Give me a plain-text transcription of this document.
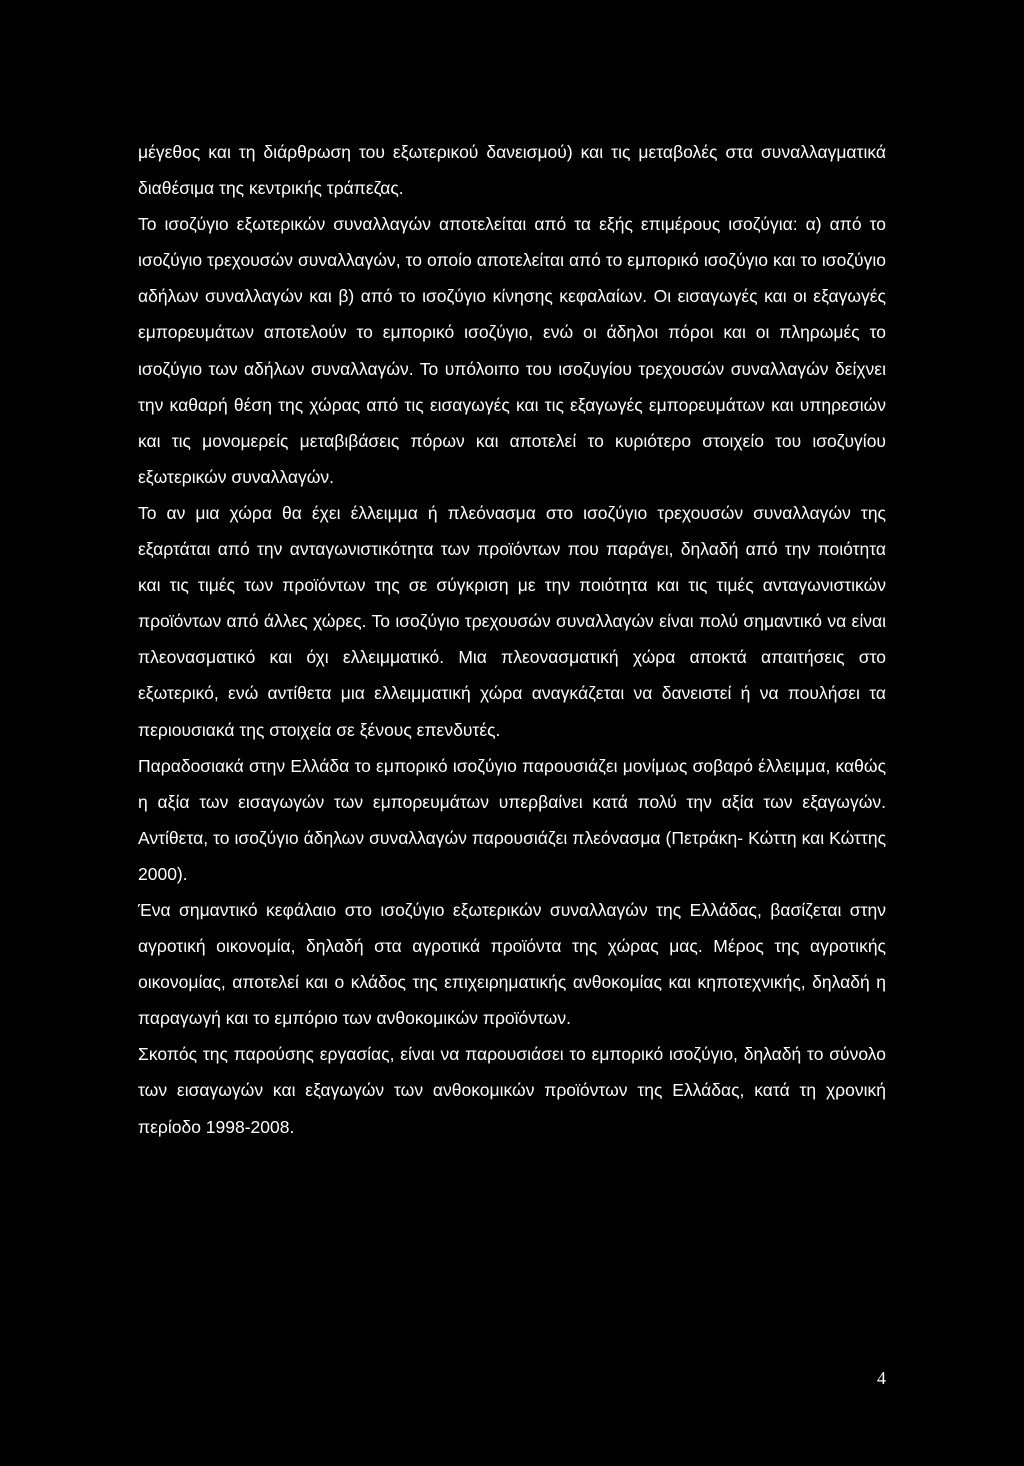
μέγεθος και τη διάρθρωση του εξωτερικού δανεισμού) και τις μεταβολές στα συναλλαγματικά διαθέσιμα της κεντρικής τράπεζας.

Το ισοζύγιο εξωτερικών συναλλαγών αποτελείται από τα εξής επιμέρους ισοζύγια: α) από το ισοζύγιο τρεχουσών συναλλαγών, το οποίο αποτελείται από το εμπορικό ισοζύγιο και το ισοζύγιο αδήλων συναλλαγών και β) από το ισοζύγιο κίνησης κεφαλαίων. Οι εισαγωγές και οι εξαγωγές εμπορευμάτων αποτελούν το εμπορικό ισοζύγιο, ενώ οι άδηλοι πόροι και οι πληρωμές το ισοζύγιο των αδήλων συναλλαγών. Το υπόλοιπο του ισοζυγίου τρεχουσών συναλλαγών δείχνει την καθαρή θέση της χώρας από τις εισαγωγές και τις εξαγωγές εμπορευμάτων και υπηρεσιών και τις μονομερείς μεταβιβάσεις πόρων και αποτελεί το κυριότερο στοιχείο του ισοζυγίου εξωτερικών συναλλαγών.

Το αν μια χώρα θα έχει έλλειμμα ή πλεόνασμα στο ισοζύγιο τρεχουσών συναλλαγών της εξαρτάται από την ανταγωνιστικότητα των προϊόντων που παράγει, δηλαδή από την ποιότητα και τις τιμές των προϊόντων της σε σύγκριση με την ποιότητα και τις τιμές ανταγωνιστικών προϊόντων από άλλες χώρες. Το ισοζύγιο τρεχουσών συναλλαγών είναι πολύ σημαντικό να είναι πλεονασματικό και όχι ελλειμματικό. Μια πλεονασματική χώρα αποκτά απαιτήσεις στο εξωτερικό, ενώ αντίθετα μια ελλειμματική χώρα αναγκάζεται να δανειστεί ή να πουλήσει τα περιουσιακά της στοιχεία σε ξένους επενδυτές.

Παραδοσιακά στην Ελλάδα το εμπορικό ισοζύγιο παρουσιάζει μονίμως σοβαρό έλλειμμα, καθώς η αξία των εισαγωγών των εμπορευμάτων υπερβαίνει κατά πολύ την αξία των εξαγωγών. Αντίθετα, το ισοζύγιο άδηλων συναλλαγών παρουσιάζει πλεόνασμα (Πετράκη- Κώττη και Κώττης 2000).

Ένα σημαντικό κεφάλαιο στο ισοζύγιο εξωτερικών συναλλαγών της Ελλάδας, βασίζεται στην αγροτική οικονομία, δηλαδή στα αγροτικά προϊόντα της χώρας μας. Μέρος της αγροτικής οικονομίας, αποτελεί και ο κλάδος της επιχειρηματικής ανθοκομίας και κηποτεχνικής, δηλαδή η παραγωγή και το εμπόριο των ανθοκομικών προϊόντων.

Σκοπός της παρούσης εργασίας, είναι να παρουσιάσει το εμπορικό ισοζύγιο, δηλαδή το σύνολο των εισαγωγών και εξαγωγών των ανθοκομικών προϊόντων της Ελλάδας, κατά τη χρονική περίοδο 1998-2008.

4
